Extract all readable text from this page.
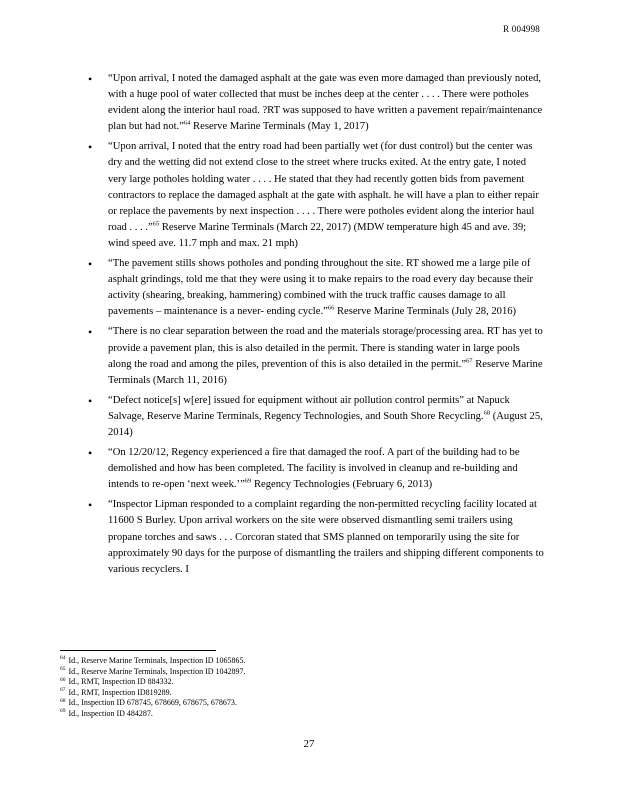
R 004998
• “Upon arrival, I noted the damaged asphalt at the gate was even more damaged than previously noted, with a huge pool of water collected that must be inches deep at the center . . . . There were potholes evident along the interior haul road. ?RT was supposed to have written a pavement repair/maintenance plan but had not.”$^{64}$ Reserve Marine Terminals (May 1, 2017)
• “Upon arrival, I noted that the entry road had been partially wet (for dust control) but the center was dry and the wetting did not extend close to the street where trucks exited. At the entry gate, I noted very large potholes holding water . . . . He stated that they had recently gotten bids from pavement contractors to replace the damaged asphalt at the gate with asphalt. he will have a plan to either repair or replace the pavements by next inspection . . . . There were potholes evident along the interior haul road . . . .”$^{65}$ Reserve Marine Terminals (March 22, 2017) (MDW temperature high 45 and ave. 39; wind speed ave. 11.7 mph and max. 21 mph)
• “The pavement stills shows potholes and ponding throughout the site. RT showed me a large pile of asphalt grindings, told me that they were using it to make repairs to the road every day because their activity (shearing, breaking, hammering) combined with the truck traffic causes damage to all pavements – maintenance is a never- ending cycle.”$^{66}$ Reserve Marine Terminals (July 28, 2016)
• “There is no clear separation between the road and the materials storage/processing area. RT has yet to provide a pavement plan, this is also detailed in the permit. There is standing water in large pools along the road and among the piles, prevention of this is also detailed in the permit.”$^{67}$ Reserve Marine Terminals (March 11, 2016)
• “Defect notice[s] w[ere] issued for equipment without air pollution control permits” at Napuck Salvage, Reserve Marine Terminals, Regency Technologies, and South Shore Recycling.$^{68}$ (August 25, 2014)
• “On 12/20/12, Regency experienced a fire that damaged the roof. A part of the building had to be demolished and how has been completed. The facility is involved in cleanup and re-building and intends to re-open ‘next week.’”$^{69}$ Regency Technologies (February 6, 2013)
• “Inspector Lipman responded to a complaint regarding the non-permitted recycling facility located at 11600 S Burley. Upon arrival workers on the site were observed dismantling semi trailers using propane torches and saws . . . Corcoran stated that SMS planned on temporarily using the site for approximately 90 days for the purpose of dismantling the trailers and shipping different components to various recyclers. I
$^{64}$ Id., Reserve Marine Terminals, Inspection ID 1065865.
$^{65}$ Id., Reserve Marine Terminals, Inspection ID 1042897.
$^{66}$ Id., RMT, Inspection ID 884332.
$^{67}$ Id., RMT, Inspection ID819289.
$^{68}$ Id., Inspection ID 678745, 678669, 678675, 678673.
$^{69}$ Id., Inspection ID 484287.
27
